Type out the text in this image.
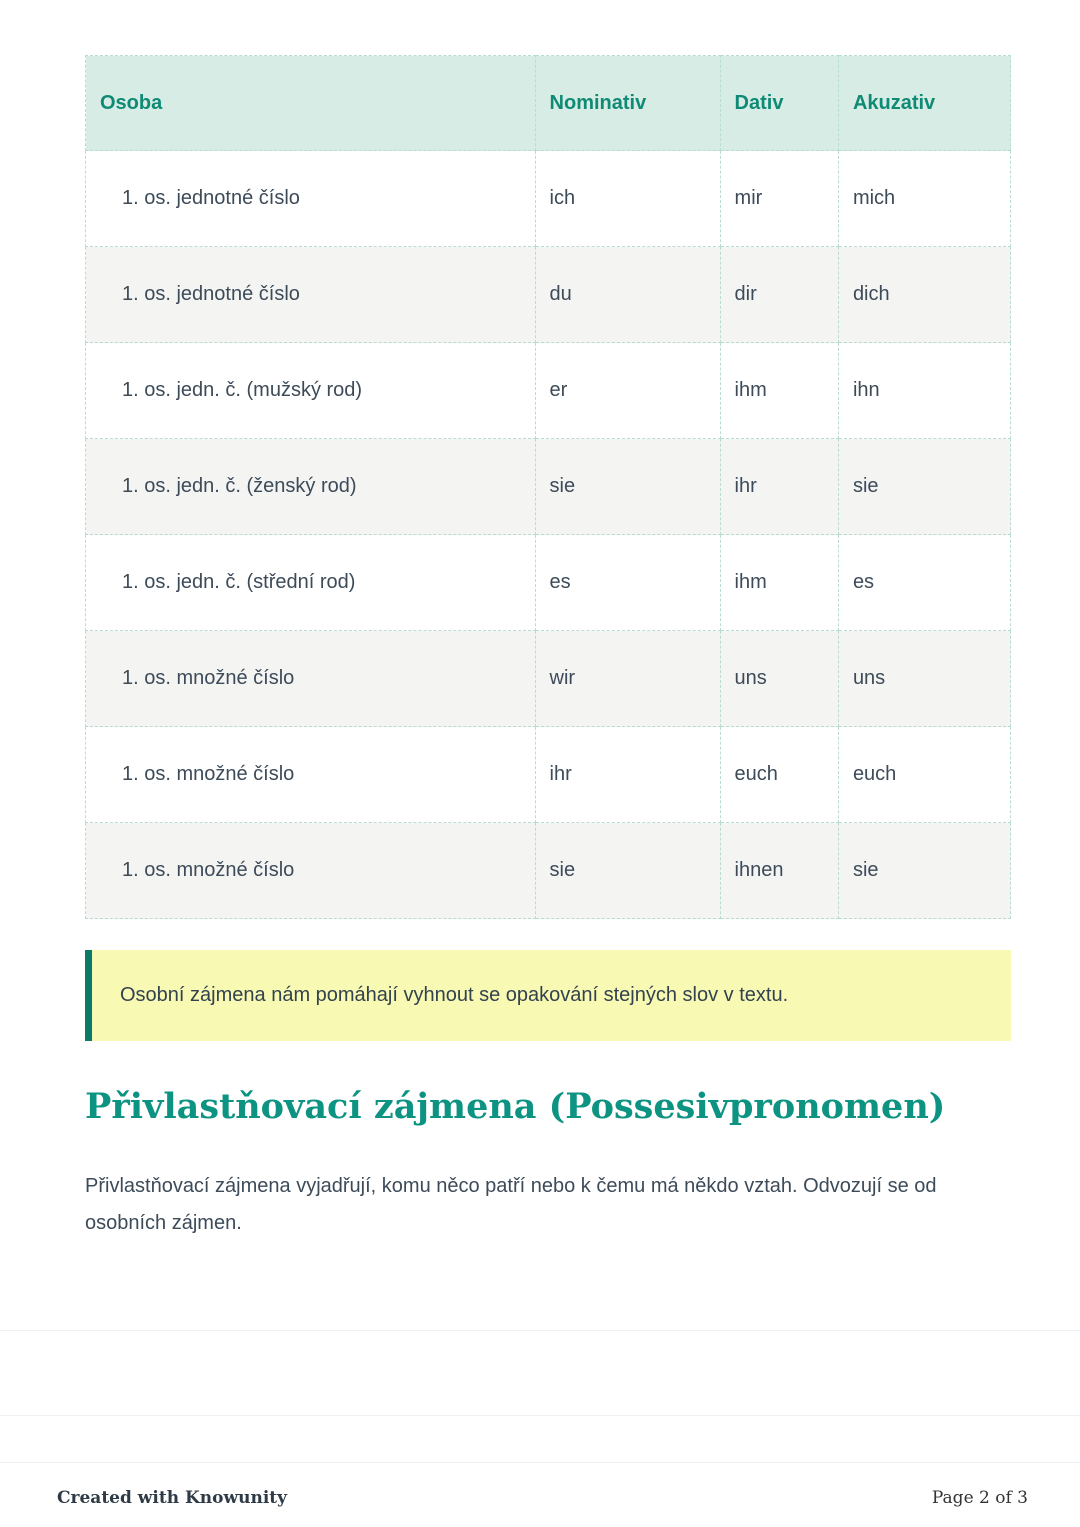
Osoba	Nominativ	Dativ	Akuzativ
1. os. jednotné číslo	ich	mir	mich
1. os. jednotné číslo	du	dir	dich
1. os. jedn. č. (mužský rod)	er	ihm	ihn
1. os. jedn. č. (ženský rod)	sie	ihr	sie
1. os. jedn. č. (střední rod)	es	ihm	es
1. os. množné číslo	wir	uns	uns
1. os. množné číslo	ihr	euch	euch
1. os. množné číslo	sie	ihnen	sie
Osobní zájmena nám pomáhají vyhnout se opakování stejných slov v textu.
Přivlastňovací zájmena (Possesivpronomen)

Přivlastňovací zájmena vyjadřují, komu něco patří nebo k čemu má někdo vztah. Odvozují se od osobních zájmen.

Created with Knowunity	Page 2 of 3
